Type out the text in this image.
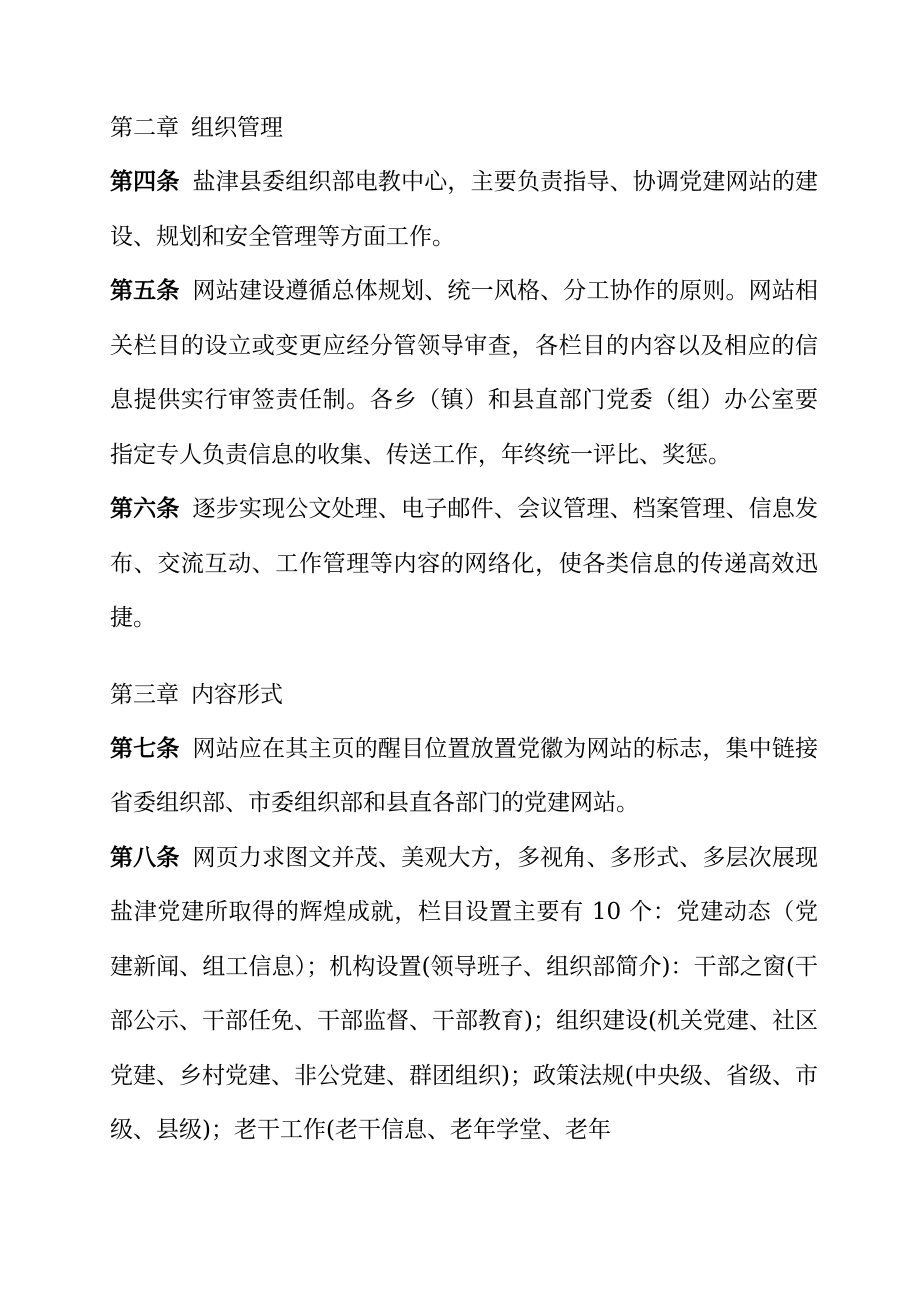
第二章 组织管理

第四条 盐津县委组织部电教中心，主要负责指导、协调党建网站的建设、规划和安全管理等方面工作。

第五条 网站建设遵循总体规划、统一风格、分工协作的原则。网站相关栏目的设立或变更应经分管领导审查，各栏目的内容以及相应的信息提供实行审签责任制。各乡（镇）和县直部门党委（组）办公室要指定专人负责信息的收集、传送工作，年终统一评比、奖惩。

第六条 逐步实现公文处理、电子邮件、会议管理、档案管理、信息发布、交流互动、工作管理等内容的网络化，使各类信息的传递高效迅捷。

第三章 内容形式

第七条 网站应在其主页的醒目位置放置党徽为网站的标志，集中链接省委组织部、市委组织部和县直各部门的党建网站。

第八条 网页力求图文并茂、美观大方，多视角、多形式、多层次展现盐津党建所取得的辉煌成就，栏目设置主要有 10 个：党建动态（党建新闻、组工信息）；机构设置(领导班子、组织部简介)：干部之窗(干部公示、干部任免、干部监督、干部教育)；组织建设(机关党建、社区党建、乡村党建、非公党建、群团组织)；政策法规(中央级、省级、市级、县级)；老干工作(老干信息、老年学堂、老年
